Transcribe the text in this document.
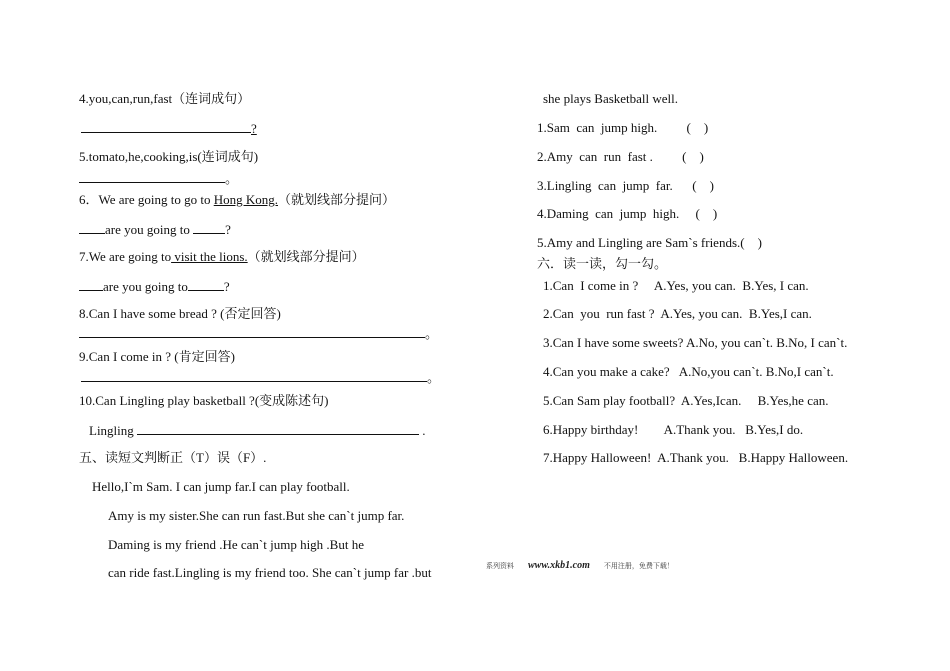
4.you,can,run,fast（连词成句）
?
5.tomato,he,cooking,is(连词成句)
。
6．We are going to go to Hong Kong.（就划线部分提问）
are you going to ?
7.We are going to visit the lions.（就划线部分提问）
are you going to	?
8.Can I have some bread ? (否定回答)
。
9.Can I come in ? (肯定回答)
。
10.Can Lingling play basketball ?(变成陈述句)
Lingling	.
五、读短文判断正（T）误（F）.
Hello,I`m Sam. I can jump far.I can play football.
Amy is my sister.She can run fast.But she can`t jump far.
Daming is my friend .He can`t jump high .But he
can ride fast.Lingling is my friend too. She can`t jump far .but
she plays Basketball well.
1.Sam  can  jump high.         (    )
2.Amy  can  run  fast .         (    )
3.Lingling  can  jump  far.      (    )
4.Daming  can  jump  high.     (    )
5.Amy and Lingling are Sam`s friends.(    )
六．读一读，勾一勾。
1.Can  I come in ?     A.Yes, you can.  B.Yes, I can.
2.Can  you  run fast ?  A.Yes, you can.  B.Yes,I can.
3.Can I have some sweets? A.No, you can`t. B.No, I can`t.
4.Can you make a cake?   A.No,you can`t. B.No,I can`t.
5.Can Sam play football?  A.Yes,Ican.     B.Yes,he can.
6.Happy birthday!        A.Thank you.   B.Yes,I do.
7.Happy Halloween!  A.Thank you.   B.Happy Halloween.
系列资料 www.xkb1.com 不用注册，免费下载！
